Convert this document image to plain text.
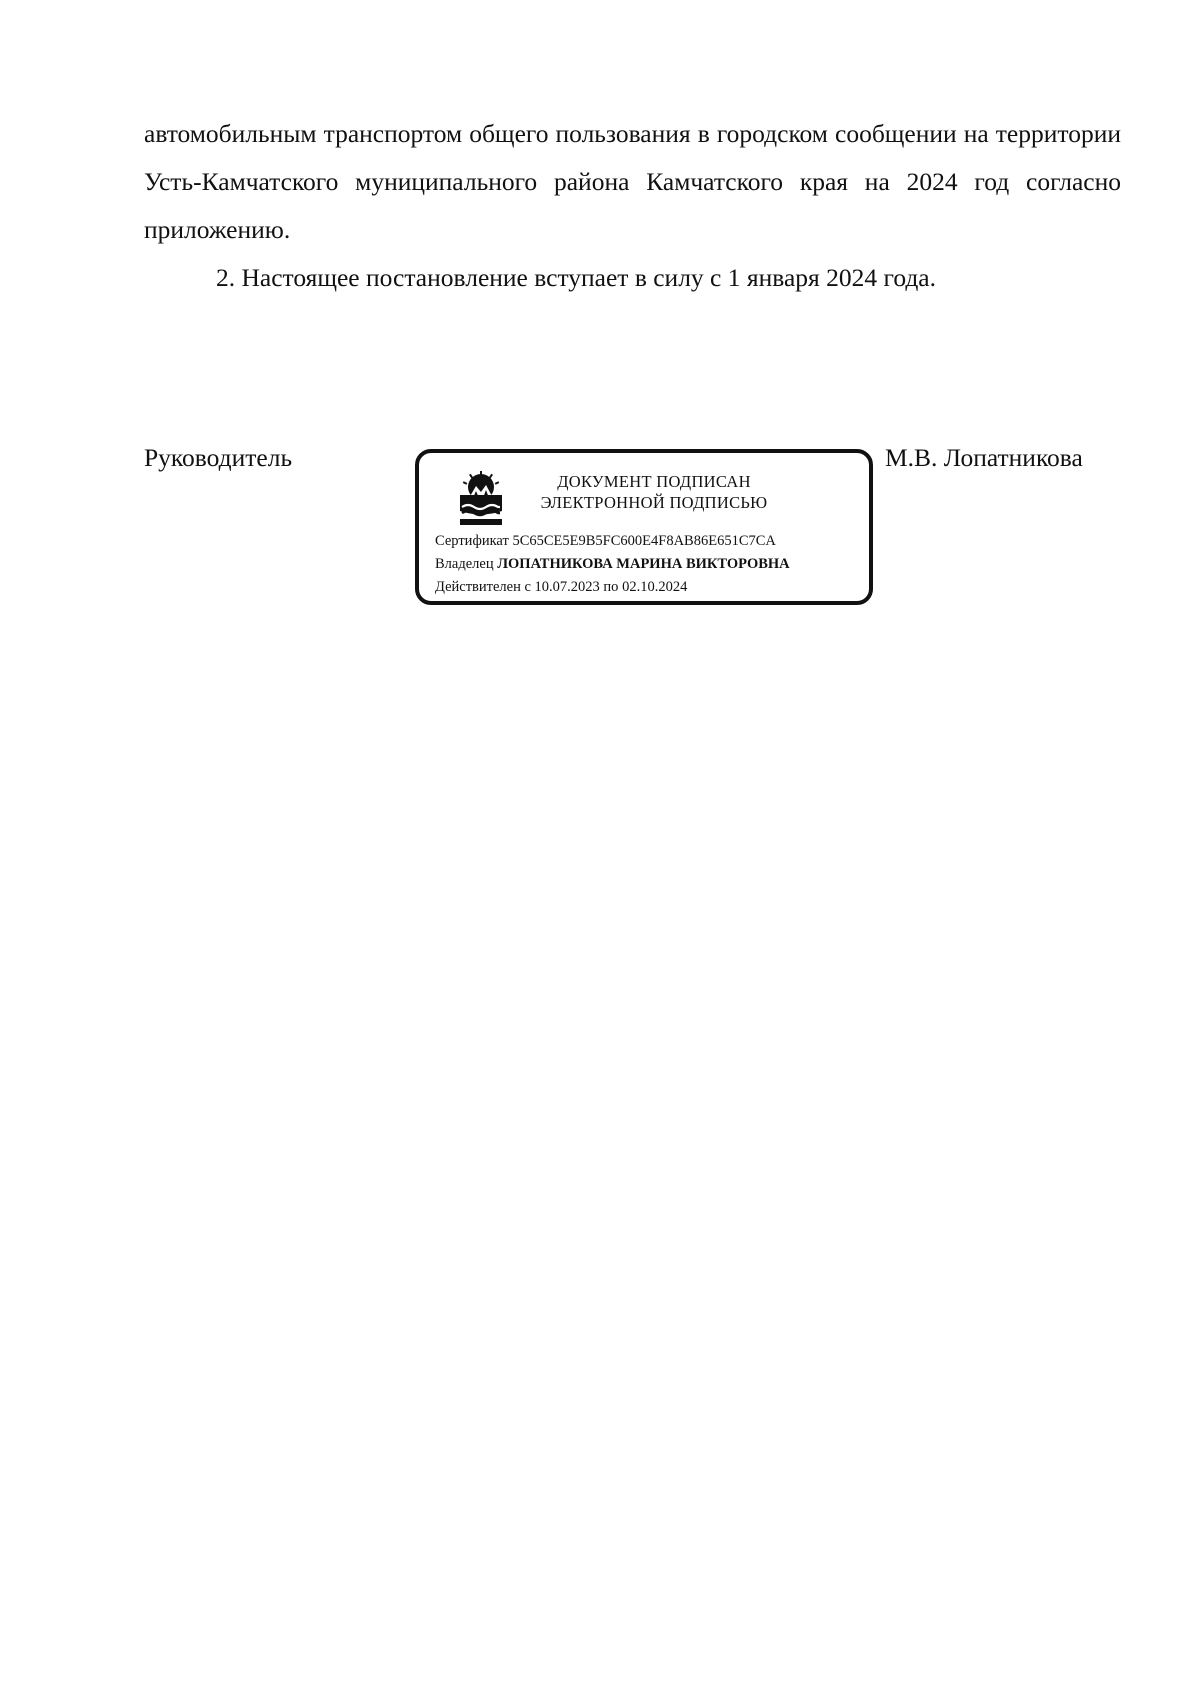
автомобильным транспортом общего пользования в городском сообщении на территории Усть-Камчатского муниципального района Камчатского края на 2024 год согласно приложению.

2. Настоящее постановление вступает в силу с 1 января 2024 года.

Руководитель
ДОКУМЕНТ ПОДПИСАН
ЭЛЕКТРОННОЙ ПОДПИСЬЮ
Сертификат 5C65CE5E9B5FC600E4F8AB86E651C7CA
Владелец ЛОПАТНИКОВА МАРИНА ВИКТОРОВНА
Действителен с 10.07.2023 по 02.10.2024
М.В. Лопатникова
